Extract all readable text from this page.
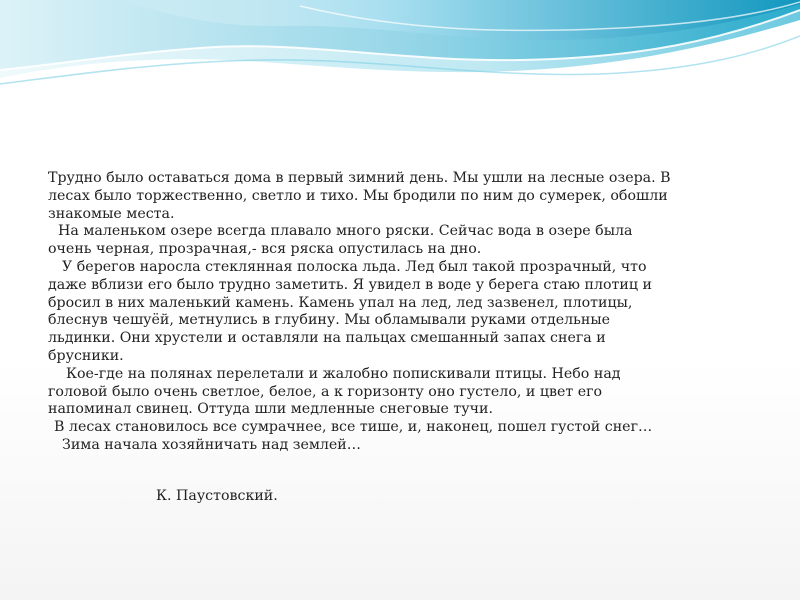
Трудно было оставаться дома в первый зимний день. Мы ушли на лесные озера. В
лесах было торжественно, светло и тихо. Мы бродили по ним до сумерек, обошли
знакомые места.

На маленьком озере всегда плавало много ряски. Сейчас вода в озере была
очень черная, прозрачная,- вся ряска опустилась на дно.

У берегов наросла стеклянная полоска льда. Лед был такой прозрачный, что
даже вблизи его было трудно заметить. Я увидел в воде у берега стаю плотиц и
бросил в них маленький камень. Камень упал на лед, лед зазвенел, плотицы,
блеснув чешуёй, метнулись в глубину. Мы обламывали руками отдельные
льдинки. Они хрустели и оставляли на пальцах смешанный запах снега и
брусники.

Кое-где на полянах перелетали и жалобно попискивали птицы. Небо над
головой было очень светлое, белое, а к горизонту оно густело, и цвет его
напоминал свинец. Оттуда шли медленные снеговые тучи.

В лесах становилось все сумрачнее, все тише, и, наконец, пошел густой снег…

Зима начала хозяйничать над землей…

К. Паустовский.
